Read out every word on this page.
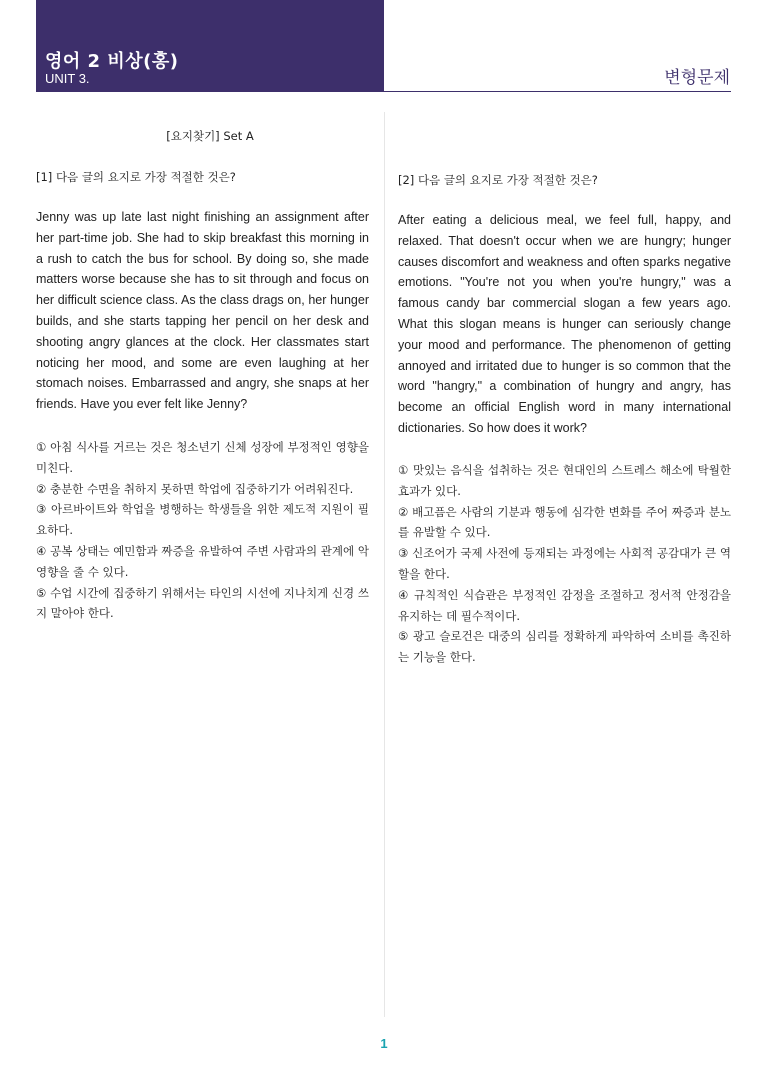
영어 2 비상(홍)
UNIT 3.	변형문제
[요지찾기] Set A
[1] 다음 글의 요지로 가장 적절한 것은?
Jenny was up late last night finishing an assignment after her part-time job. She had to skip breakfast this morning in a rush to catch the bus for school. By doing so, she made matters worse because she has to sit through and focus on her difficult science class. As the class drags on, her hunger builds, and she starts tapping her pencil on her desk and shooting angry glances at the clock. Her classmates start noticing her mood, and some are even laughing at her stomach noises. Embarrassed and angry, she snaps at her friends. Have you ever felt like Jenny?

① 아침 식사를 거르는 것은 청소년기 신체 성장에 부정적인 영향을 미친다.

② 충분한 수면을 취하지 못하면 학업에 집중하기가 어려워진다.

③ 아르바이트와 학업을 병행하는 학생들을 위한 제도적 지원이 필요하다.

④ 공복 상태는 예민함과 짜증을 유발하여 주변 사람과의 관계에 악영향을 줄 수 있다.

⑤ 수업 시간에 집중하기 위해서는 타인의 시선에 지나치게 신경 쓰지 말아야 한다.

[2] 다음 글의 요지로 가장 적절한 것은?
After eating a delicious meal, we feel full, happy, and relaxed. That doesn't occur when we are hungry; hunger causes discomfort and weakness and often sparks negative emotions. "You're not you when you're hungry," was a famous candy bar commercial slogan a few years ago. What this slogan means is hunger can seriously change your mood and performance. The phenomenon of getting annoyed and irritated due to hunger is so common that the word "hangry," a combination of hungry and angry, has become an official English word in many international dictionaries. So how does it work?

① 맛있는 음식을 섭취하는 것은 현대인의 스트레스 해소에 탁월한 효과가 있다.

② 배고픔은 사람의 기분과 행동에 심각한 변화를 주어 짜증과 분노를 유발할 수 있다.

③ 신조어가 국제 사전에 등재되는 과정에는 사회적 공감대가 큰 역할을 한다.

④ 규칙적인 식습관은 부정적인 감정을 조절하고 정서적 안정감을 유지하는 데 필수적이다.

⑤ 광고 슬로건은 대중의 심리를 정확하게 파악하여 소비를 촉진하는 기능을 한다.

1
